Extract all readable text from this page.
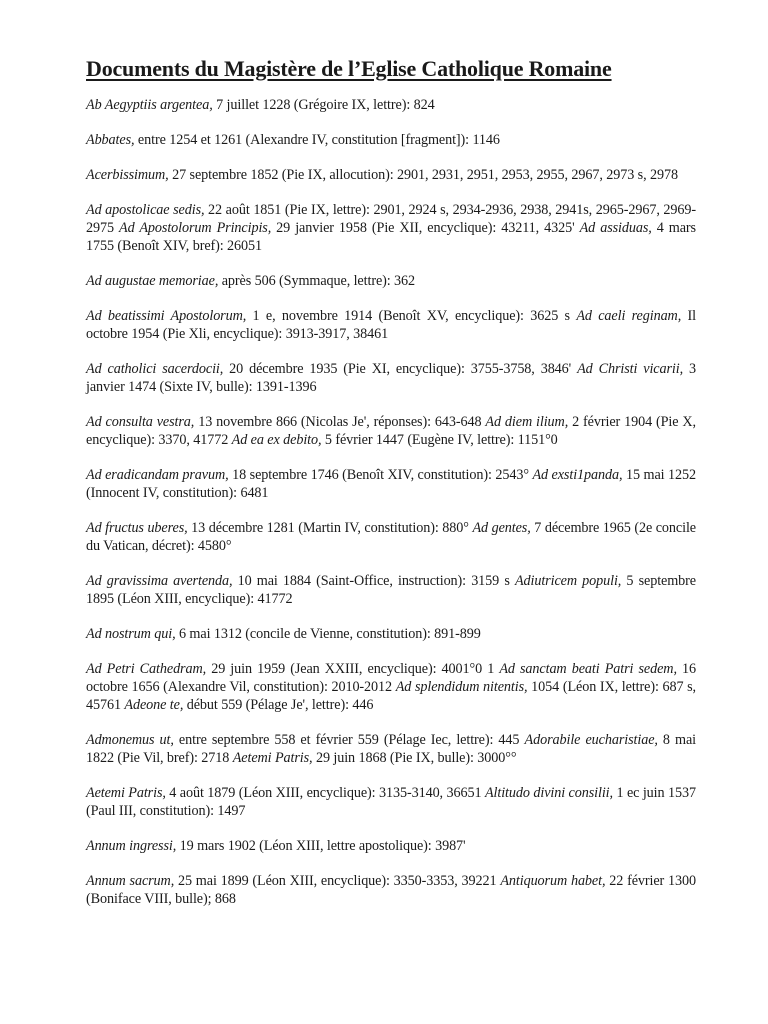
Documents du Magistère de l’Eglise Catholique Romaine

Ab Aegyptiis argentea, 7 juillet 1228 (Grégoire IX, lettre): 824

Abbates, entre 1254 et 1261 (Alexandre IV, constitution [fragment]): 1146

Acerbissimum, 27 septembre 1852 (Pie IX, allocution): 2901, 2931, 2951, 2953, 2955, 2967, 2973 s, 2978

Ad apostolicae sedis, 22 août 1851 (Pie IX, lettre): 2901, 2924 s, 2934-2936, 2938, 2941s, 2965-2967, 2969-2975 Ad Apostolorum Principis, 29 janvier 1958 (Pie XII, encyclique): 43211, 4325' Ad assiduas, 4 mars 1755 (Benoît XIV, bref): 26051

Ad augustae memoriae, après 506 (Symmaque, lettre): 362

Ad beatissimi Apostolorum, 1 e, novembre 1914 (Benoît XV, encyclique): 3625 s Ad caeli reginam, Il octobre 1954 (Pie Xli, encyclique): 3913-3917, 38461

Ad catholici sacerdocii, 20 décembre 1935 (Pie XI, encyclique): 3755-3758, 3846' Ad Christi vicarii, 3 janvier 1474 (Sixte IV, bulle): 1391-1396

Ad consulta vestra, 13 novembre 866 (Nicolas Je', réponses): 643-648 Ad diem ilium, 2 février 1904 (Pie X, encyclique): 3370, 41772 Ad ea ex debito, 5 février 1447 (Eugène IV, lettre): 1151°0

Ad eradicandam pravum, 18 septembre 1746 (Benoît XIV, constitution): 2543° Ad exsti1panda, 15 mai 1252 (Innocent IV, constitution): 6481

Ad fructus uberes, 13 décembre 1281 (Martin IV, constitution): 880° Ad gentes, 7 décembre 1965 (2e concile du Vatican, décret): 4580°

Ad gravissima avertenda, 10 mai 1884 (Saint-Office, instruction): 3159 s Adiutricem populi, 5 septembre 1895 (Léon XIII, encyclique): 41772

Ad nostrum qui, 6 mai 1312 (concile de Vienne, constitution): 891-899

Ad Petri Cathedram, 29 juin 1959 (Jean XXIII, encyclique): 4001°0 1 Ad sanctam beati Patri sedem, 16 octobre 1656 (Alexandre Vil, constitution): 2010-2012 Ad splendidum nitentis, 1054 (Léon IX, lettre): 687 s, 45761 Adeone te, début 559 (Pélage Je', lettre): 446

Admonemus ut, entre septembre 558 et février 559 (Pélage Iec, lettre): 445 Adorabile eucharistiae, 8 mai 1822 (Pie Vil, bref): 2718 Aetemi Patris, 29 juin 1868 (Pie IX, bulle): 3000°°

Aetemi Patris, 4 août 1879 (Léon XIII, encyclique): 3135-3140, 36651 Altitudo divini consilii, 1 ec juin 1537 (Paul III, constitution): 1497

Annum ingressi, 19 mars 1902 (Léon XIII, lettre apostolique): 3987'

Annum sacrum, 25 mai 1899 (Léon XIII, encyclique): 3350-3353, 39221 Antiquorum habet, 22 février 1300 (Boniface VIII, bulle); 868
